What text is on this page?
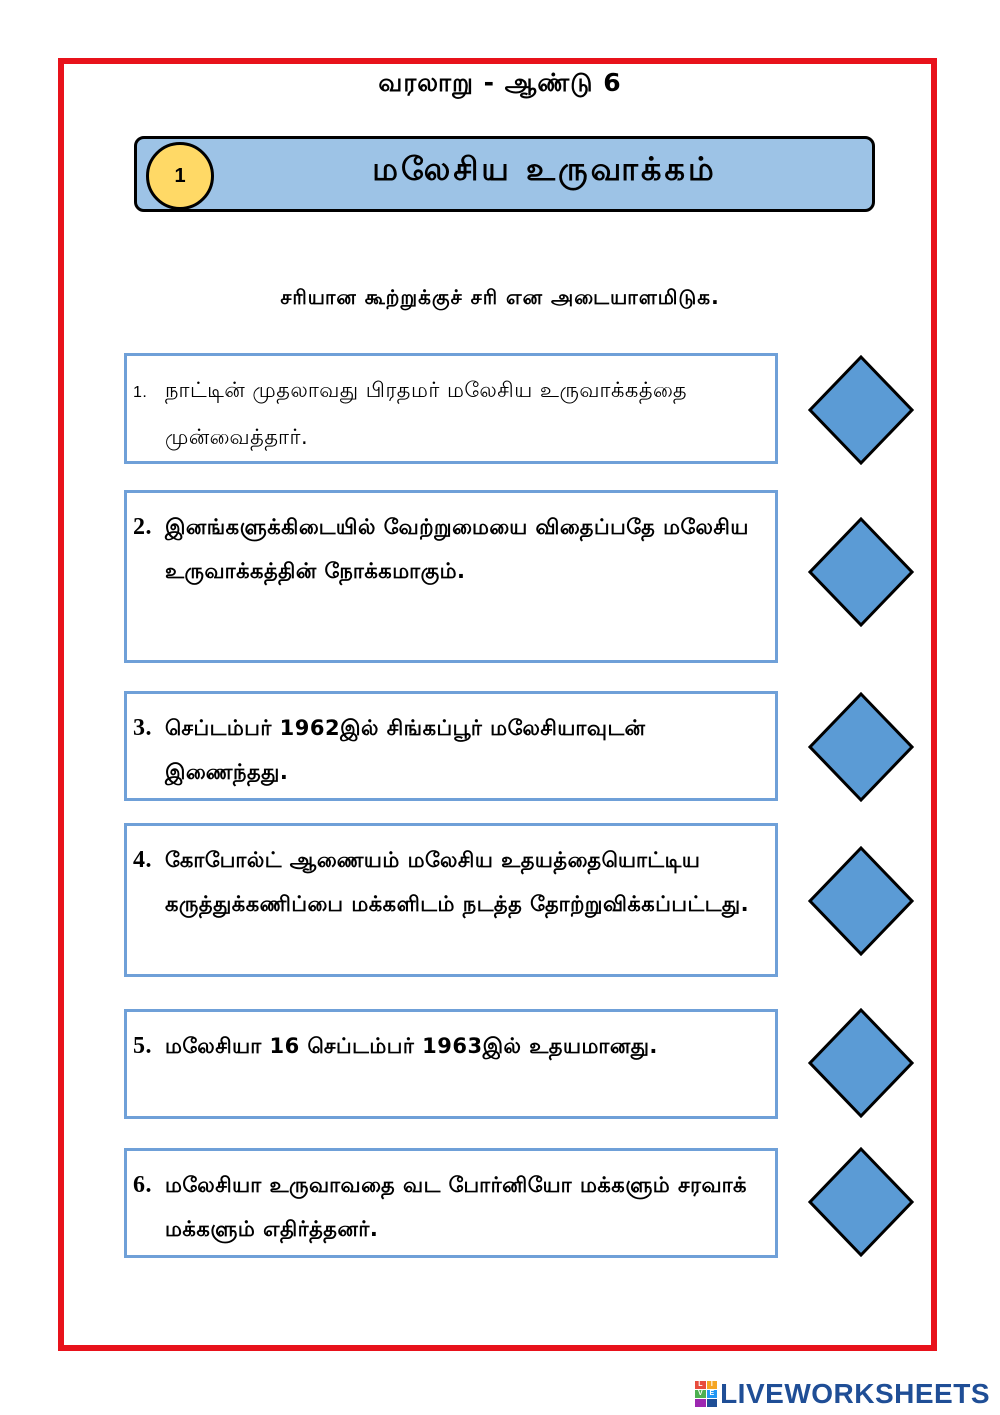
வரலாறு - ஆண்டு 6
1	மலேசிய உருவாக்கம்
சரியான கூற்றுக்குச் சரி என அடையாளமிடுக.
1. நாட்டின் முதலாவது பிரதமர் மலேசிய உருவாக்கத்தை முன்வைத்தார்.
2. இனங்களுக்கிடையில் வேற்றுமையை விதைப்பதே மலேசிய உருவாக்கத்தின் நோக்கமாகும்.
3. செப்டம்பர் 1962இல் சிங்கப்பூர் மலேசியாவுடன் இணைந்தது.
4. கோபோல்ட் ஆணையம் மலேசிய உதயத்தையொட்டிய கருத்துக்கணிப்பை மக்களிடம் நடத்த தோற்றுவிக்கப்பட்டது.
5. மலேசியா 16 செப்டம்பர் 1963இல் உதயமானது.
6. மலேசியா உருவாவதை வட போர்னியோ மக்களும் சரவாக் மக்களும் எதிர்த்தனர்.
L	I
V E LIVEWORKSHEETS
